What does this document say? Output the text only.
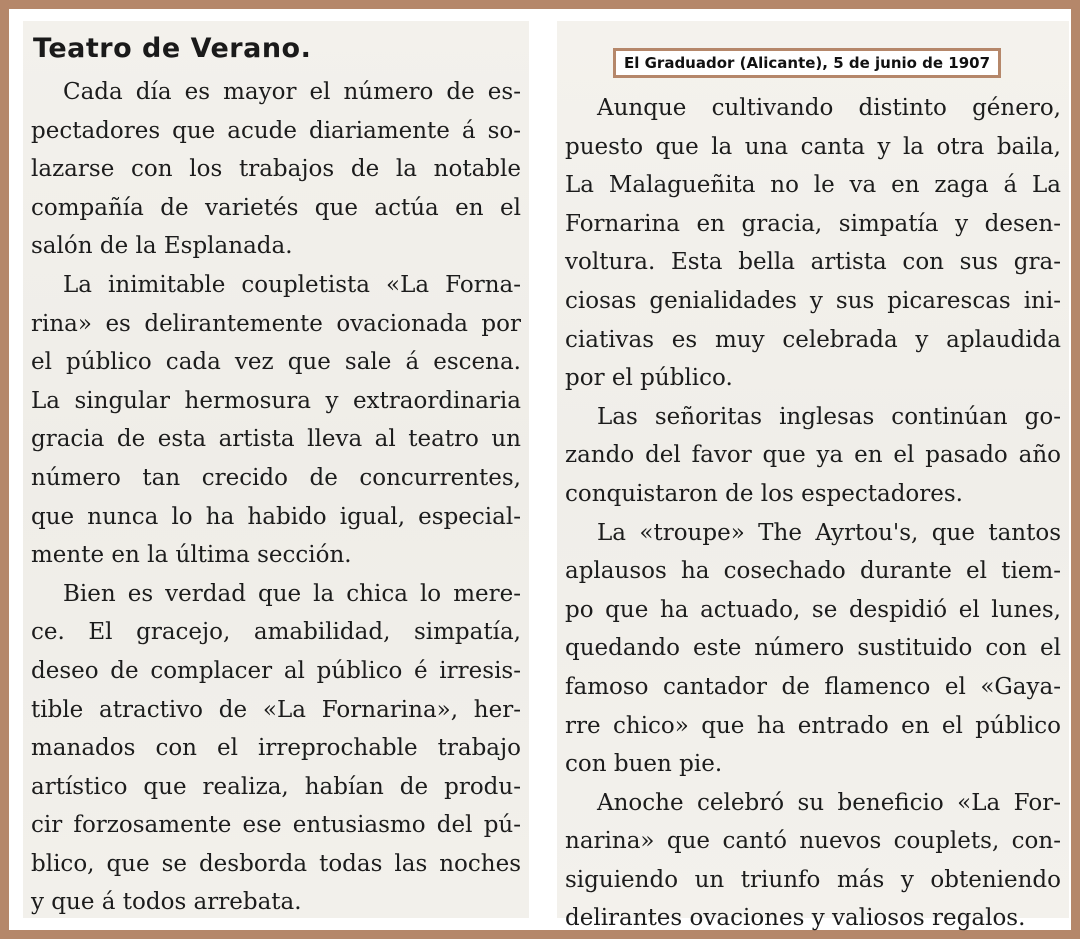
Teatro de Verano.
Cada día es mayor el número de es-
pectadores que acude diariamente á so-
lazarse con los trabajos de la notable
compañía de varietés que actúa en el
salón de la Esplanada.
La inimitable coupletista «La Forna-
rina» es delirantemente ovacionada por
el público cada vez que sale á escena.
La singular hermosura y extraordinaria
gracia de esta artista lleva al teatro un
número tan crecido de concurrentes,
que nunca lo ha habido igual, especial-
mente en la última sección.
Bien es verdad que la chica lo mere-
ce. El gracejo, amabilidad, simpatía,
deseo de complacer al público é irresis-
tible atractivo de «La Fornarina», her-
manados con el irreprochable trabajo
artístico que realiza, habían de produ-
cir forzosamente ese entusiasmo del pú-
blico, que se desborda todas las noches
y que á todos arrebata.
El Graduador (Alicante), 5 de junio de 1907
Aunque cultivando distinto género,
puesto que la una canta y la otra baila,
La Malagueñita no le va en zaga á La
Fornarina en gracia, simpatía y desen-
voltura. Esta bella artista con sus gra-
ciosas genialidades y sus picarescas ini-
ciativas es muy celebrada y aplaudida
por el público.
Las señoritas inglesas continúan go-
zando del favor que ya en el pasado año
conquistaron de los espectadores.
La «troupe» The Ayrtou's, que tantos
aplausos ha cosechado durante el tiem-
po que ha actuado, se despidió el lunes,
quedando este número sustituido con el
famoso cantador de flamenco el «Gaya-
rre chico» que ha entrado en el público
con buen pie.
Anoche celebró su beneficio «La For-
narina» que cantó nuevos couplets, con-
siguiendo un triunfo más y obteniendo
delirantes ovaciones y valiosos regalos.
